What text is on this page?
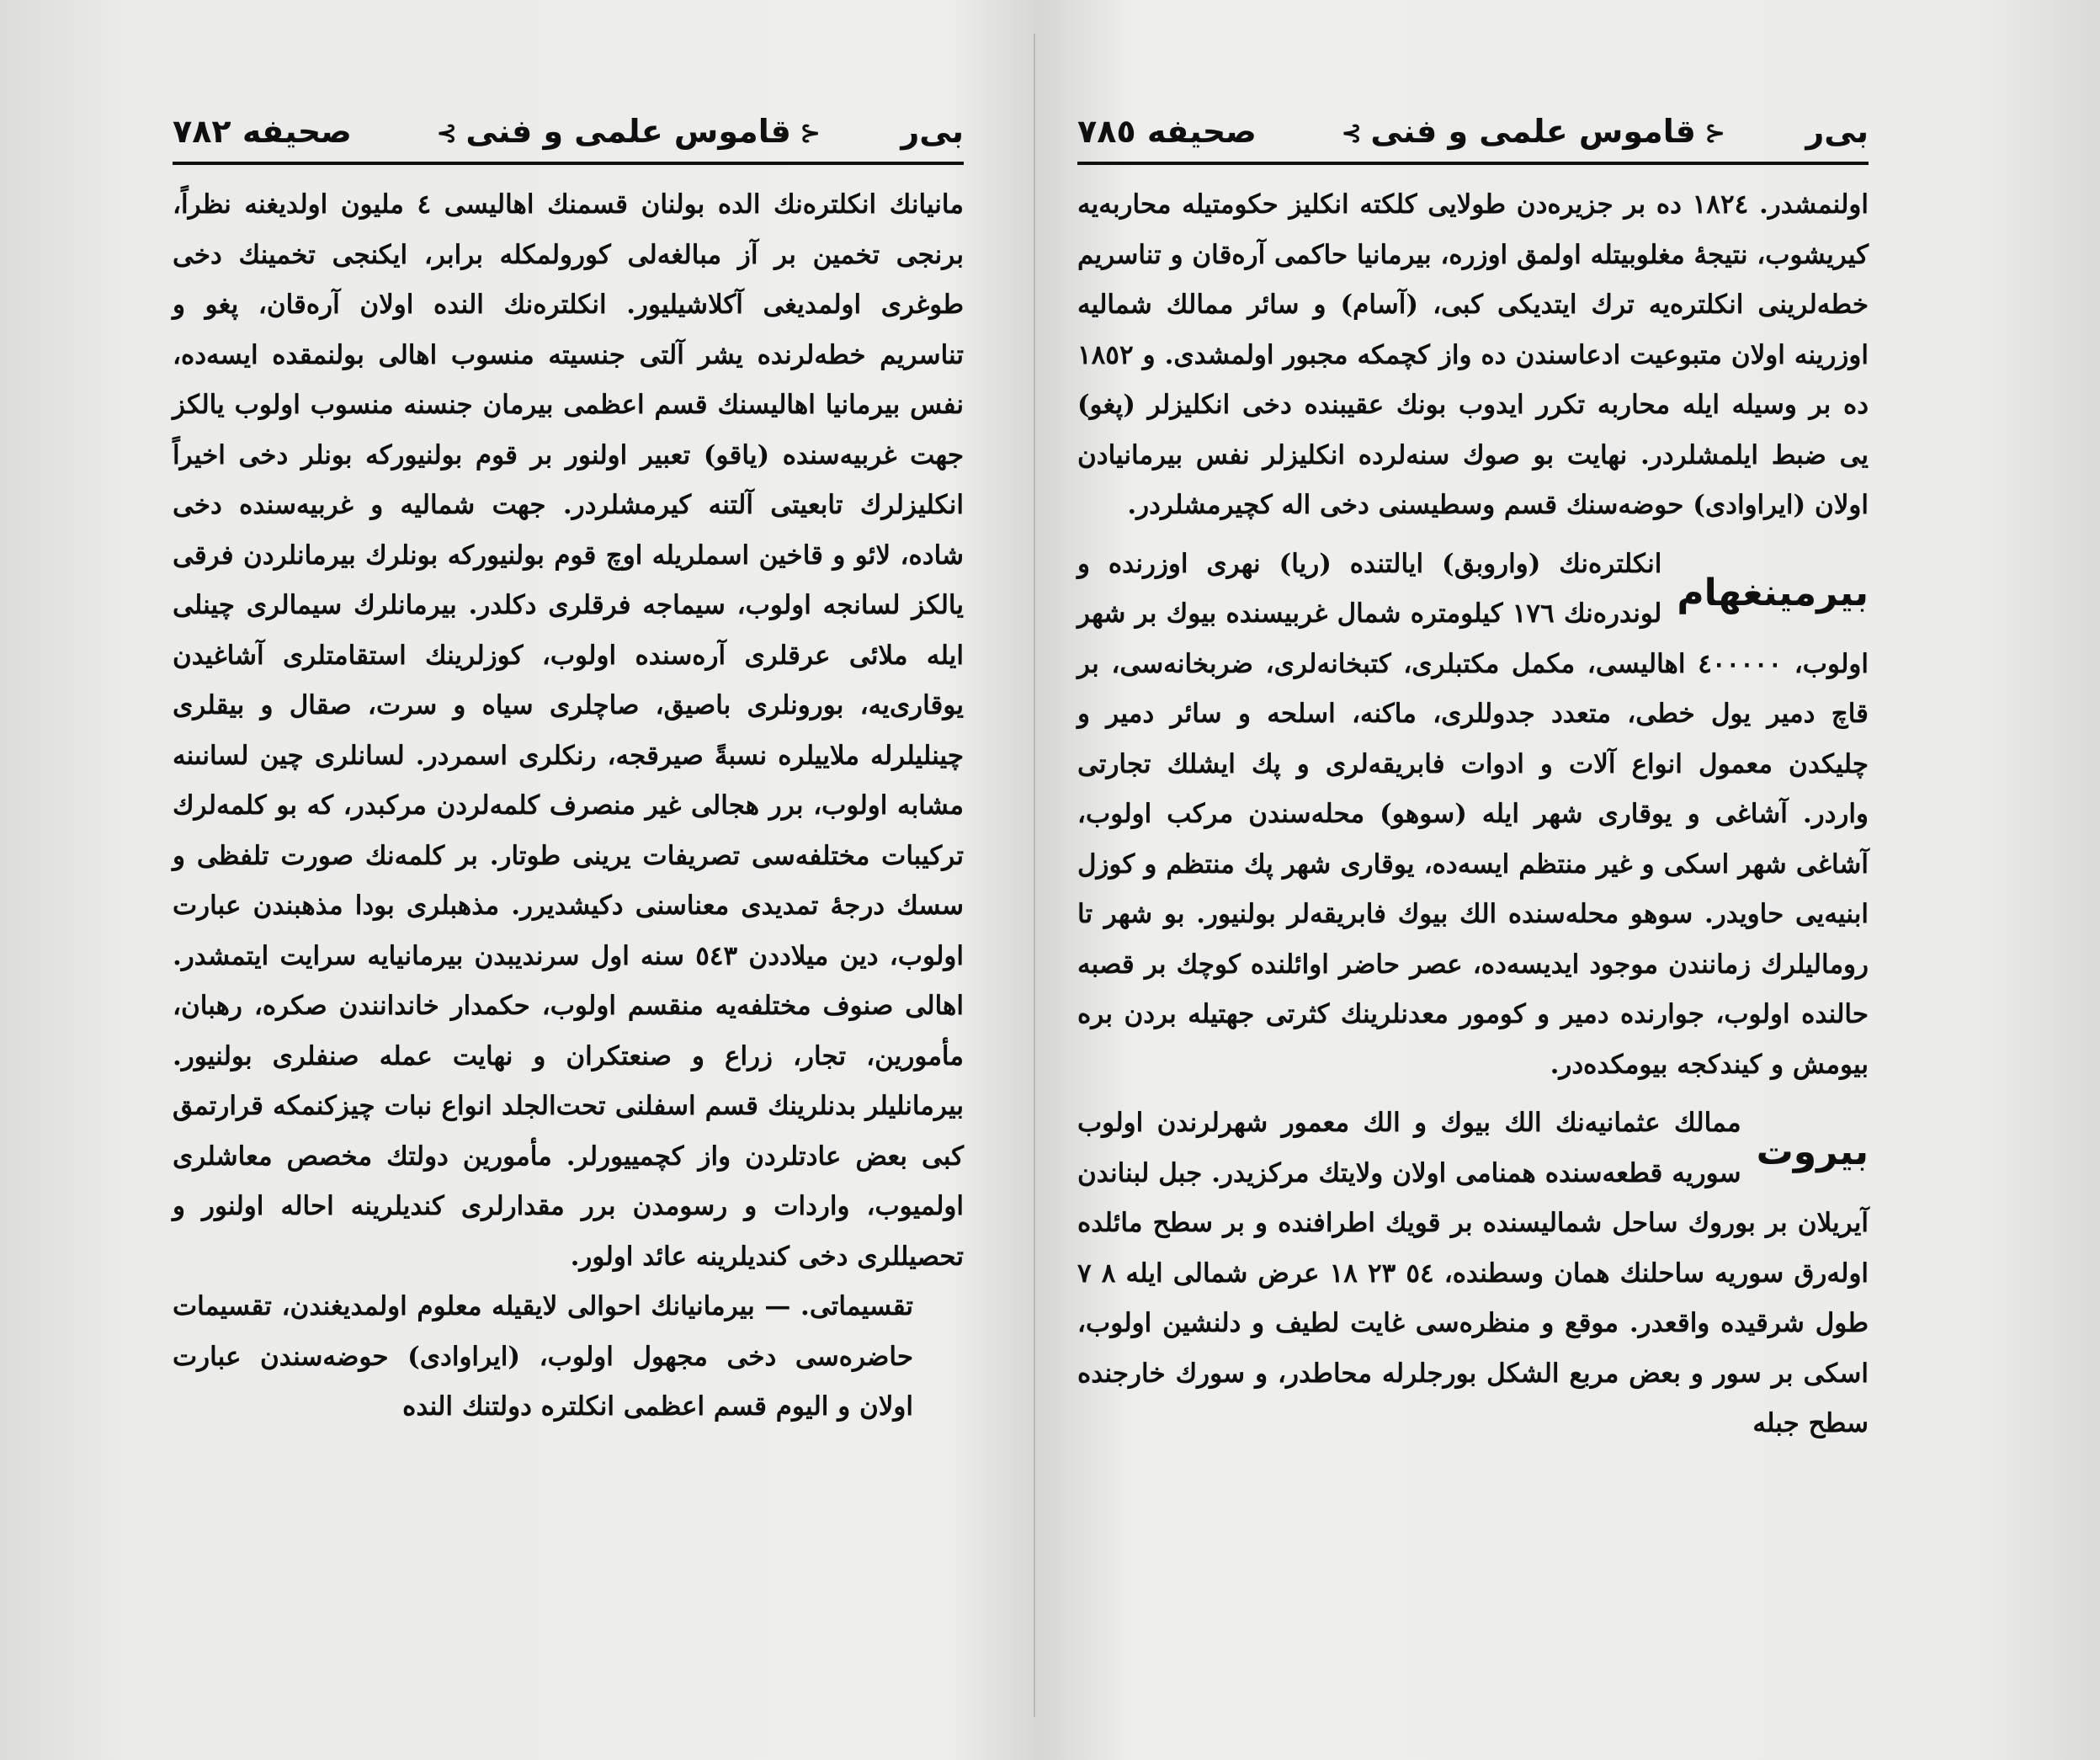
بى‌ر
⊰قاموس علمى و فنى⊱
صحيفه ٧٨٢

مانيانك انكلترەنك الدە بولنان قسمنك اهاليسى ٤ مليون اولديغنە نظراً، برنجى تخمين بر آز مبالغەلى كورولمكلە برابر، ايكنجى تخمينك دخى طوغرى اولمديغى آكلاشيليور. انكلترەنك الندە اولان آرەقان، پغو و تناسريم خطەلرندە يشر آلتى جنسيتە منسوب اهالى بولنمقدە ايسەدە، نفس بيرمانيا اهاليسنك قسم اعظمى بيرمان جنسنە منسوب اولوب يالكز جهت غربيەسندە (ياقو) تعبير اولنور بر قوم بولنيوركە بونلر دخى اخيراً انكليزلرك تابعيتى آلتنە كيرمشلردر. جهت شماليە و غربيەسندە دخى شادە، لائو و قاخين اسملريلە اوچ قوم بولنيوركە بونلرك بيرمانلردن فرقى يالكز لسانجە اولوب، سيماجە فرقلرى دكلدر. بيرمانلرك سيمالرى چينلى ايلە ملائى عرقلرى آرەسندە اولوب، كوزلرينك استقامتلرى آشاغيدن يوقارى‌يە، بورونلرى باصيق، صاچلرى سياه و سرت، صقال و بيقلرى چينليلرلە ملاييلرە نسبةً صيرقجە، رنكلرى اسمردر. لسانلرى چين لسانىنە مشابە اولوب، برر هجالى غير منصرف كلمەلردن مركبدر، كە بو كلمەلرك تركيبات مختلفەسى تصريفات يرينى طوتار. بر كلمەنك صورت تلفظى و سسك درجۀ تمديدى معناسنى دكيشديرر. مذهبلرى بودا مذهبندن عبارت اولوب، دين ميلاددن ٥٤٣ سنە اول سرنديبدن بيرمانيايە سرايت ايتمشدر. اهالى صنوف مختلفەيە منقسم اولوب، حكمدار خاندانندن صكرە، رهبان، مأمورين، تجار، زراع و صنعتكران و نهايت عملە صنفلرى بولنيور. بيرمانليلر بدنلرينك قسم اسفلنى تحت‌الجلد انواع نبات چيزكنمكە قرارتمق كبى بعض عادتلردن واز كچمييورلر. مأمورين دولتك مخصص معاشلرى اولميوب، واردات و رسومدن برر مقدارلرى كنديلرينە احالە اولنور و تحصيللرى دخى كنديلرينە عائد اولور.

تقسيماتى. — بيرمانيانك احوالى لايقيلە معلوم اولمديغندن، تقسيمات حاضرەسى دخى مجهول اولوب، (ايراوادى) حوضەسندن عبارت اولان و اليوم قسم اعظمى انكلترە دولتنك الندە

بى‌ر
⊰قاموس علمى و فنى⊱
صحيفه ٧٨٥

اولنمشدر. ١٨٢٤ دە بر جزيرەدن طولايى كلكتە انكليز حكومتيلە محاربەيە كيريشوب، نتيجۀ مغلوبيتلە اولمق اوزرە، بيرمانيا حاكمى آرەقان و تناسريم خطەلرينى انكلترەيە ترك ايتديكى كبى، (آسام) و سائر ممالك شماليە اوزرينە اولان متبوعيت ادعاسندن دە واز كچمكە مجبور اولمشدى. و ١٨٥٢ دە بر وسيلە ايلە محاربە تكرر ايدوب بونك عقيبندە دخى انكليزلر (پغو) يى ضبط ايلمشلردر. نهايت بو صوك سنەلردە انكليزلر نفس بيرمانيادن اولان (ايراوادى) حوضەسنك قسم وسطيسنى دخى الە كچيرمشلردر.

بيرمينغهام

انكلترەنك (واروبق) ايالتندە (ريا) نهرى اوزرندە و لوندرەنك ١٧٦ كيلومترە شمال غربيسندە بيوك بر شهر اولوب، ٤٠٠٠٠٠ اهاليسى، مكمل مكتبلرى، كتبخانەلرى، ضربخانەسى، بر قاچ دمير يول خطى، متعدد جدوللرى، ماكنە، اسلحە و سائر دمير و چليكدن معمول انواع آلات و ادوات فابريقەلرى و پك ايشلك تجارتى واردر. آشاغى و يوقارى شهر ايلە (سوهو) محلەسندن مركب اولوب، آشاغى شهر اسكى و غير منتظم ايسەدە، يوقارى شهر پك منتظم و كوزل ابنيەيى حاويدر. سوهو محلەسندە الك بيوك فابريقەلر بولنيور. بو شهر تا روماليلرك زمانندن موجود ايديسەدە، عصر حاضر اوائلندە كوچك بر قصبە حالندە اولوب، جوارندە دمير و كومور معدنلرينك كثرتى جهتيلە بردن برە بيومش و كيندكجە بيومكدەدر.

بيروت

ممالك عثمانيەنك الك بيوك و الك معمور شهرلرندن اولوب سوريە قطعەسندە همنامى اولان ولايتك مركزيدر. جبل لبناندن آيريلان بر بوروك ساحل شماليسندە بر قويك اطرافندە و بر سطح مائلدە اولەرق سوريە ساحلنك همان وسطندە، ٥٤ ٢٣ ١٨ عرض شمالى ايلە ٨ ٧ طول شرقيدە واقعدر. موقع و منظرەسى غايت لطيف و دلنشين اولوب، اسكى بر سور و بعض مربع الشكل بورجلرلە محاطدر، و سورك خارجندە سطح جبلە
